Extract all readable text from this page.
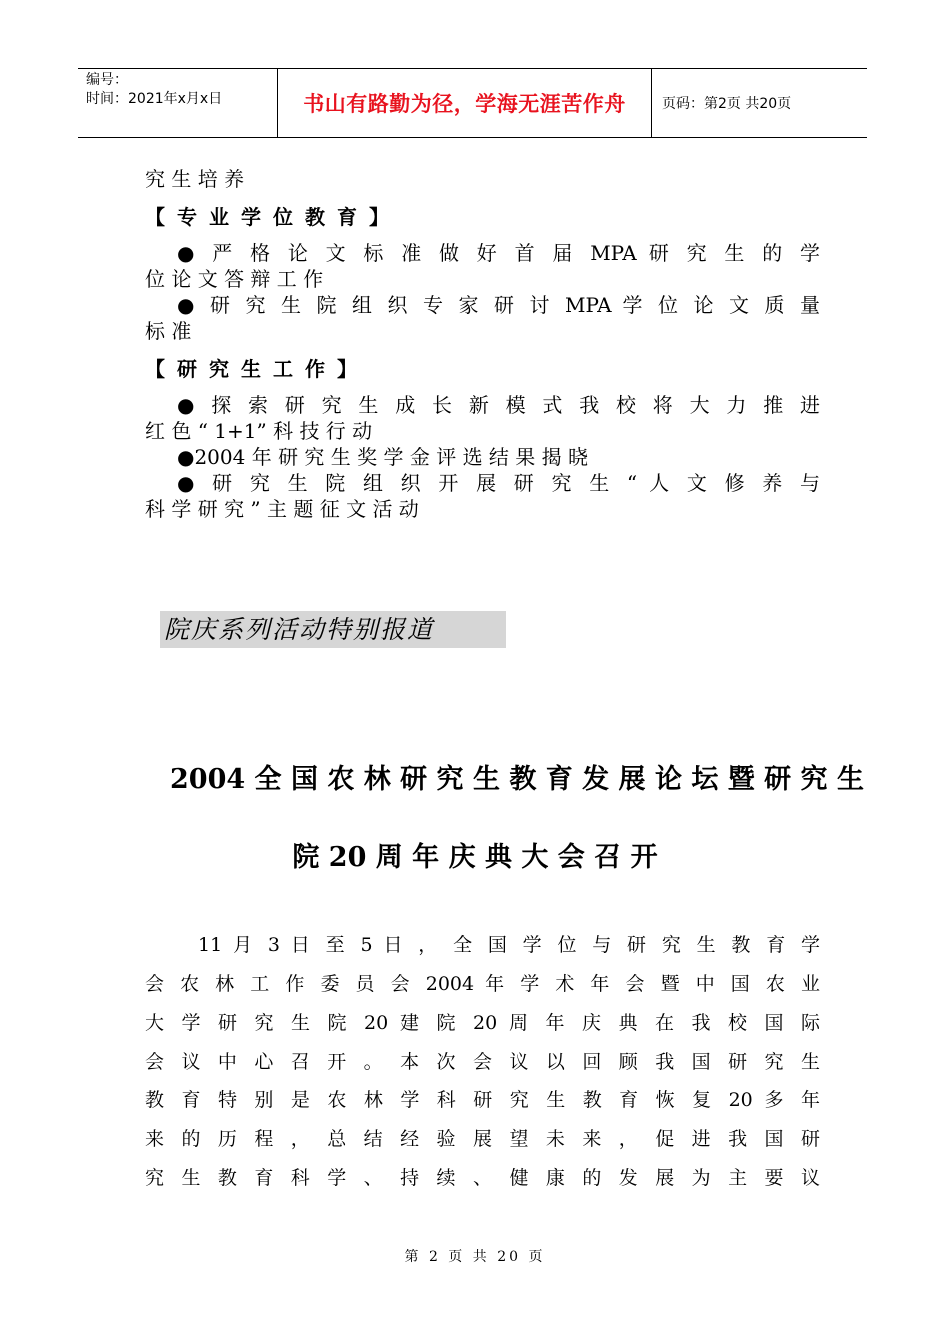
编号：
时间：2021年x月x日	书山有路勤为径，学海无涯苦作舟	页码：第2页 共20页
究 生 培 养
【专业学位教育】
● 严 格 论 文 标 准 做 好 首 届 MPA 研 究 生 的 学
位 论 文 答 辩 工 作
● 研 究 生 院 组 织 专 家 研 讨 MPA 学 位 论 文 质 量
标 准
【研究生工作】
● 探 索 研 究 生 成 长 新 模 式 我 校 将 大 力 推 进
红 色 “ 1+1” 科 技 行 动
●2004 年 研 究 生 奖 学 金 评 选 结 果 揭 晓
● 研 究 生 院 组 织 开 展 研 究 生 “ 人 文 修 养 与
科 学 研 究 ” 主 题 征 文 活 动
院庆系列活动特别报道
2004 全 国 农 林 研 究 生 教 育 发 展 论 坛 暨 研 究 生
院 20 周 年 庆 典 大 会 召 开
11 月 3 日 至 5 日 ， 全 国 学 位 与 研 究 生 教 育 学
会 农 林 工 作 委 员 会 2004 年 学 术 年 会 暨 中 国 农 业
大 学 研 究 生 院 20 建 院 20 周 年 庆 典 在 我 校 国 际
会 议 中 心 召 开 。 本 次 会 议 以 回 顾 我 国 研 究 生
教 育 特 别 是 农 林 学 科 研 究 生 教 育 恢 复 20 多 年
来 的 历 程 ， 总 结 经 验 展 望 未 来 ， 促 进 我 国 研
究 生 教 育 科 学 、 持 续 、 健 康 的 发 展 为 主 要 议
第 2 页 共 20 页
